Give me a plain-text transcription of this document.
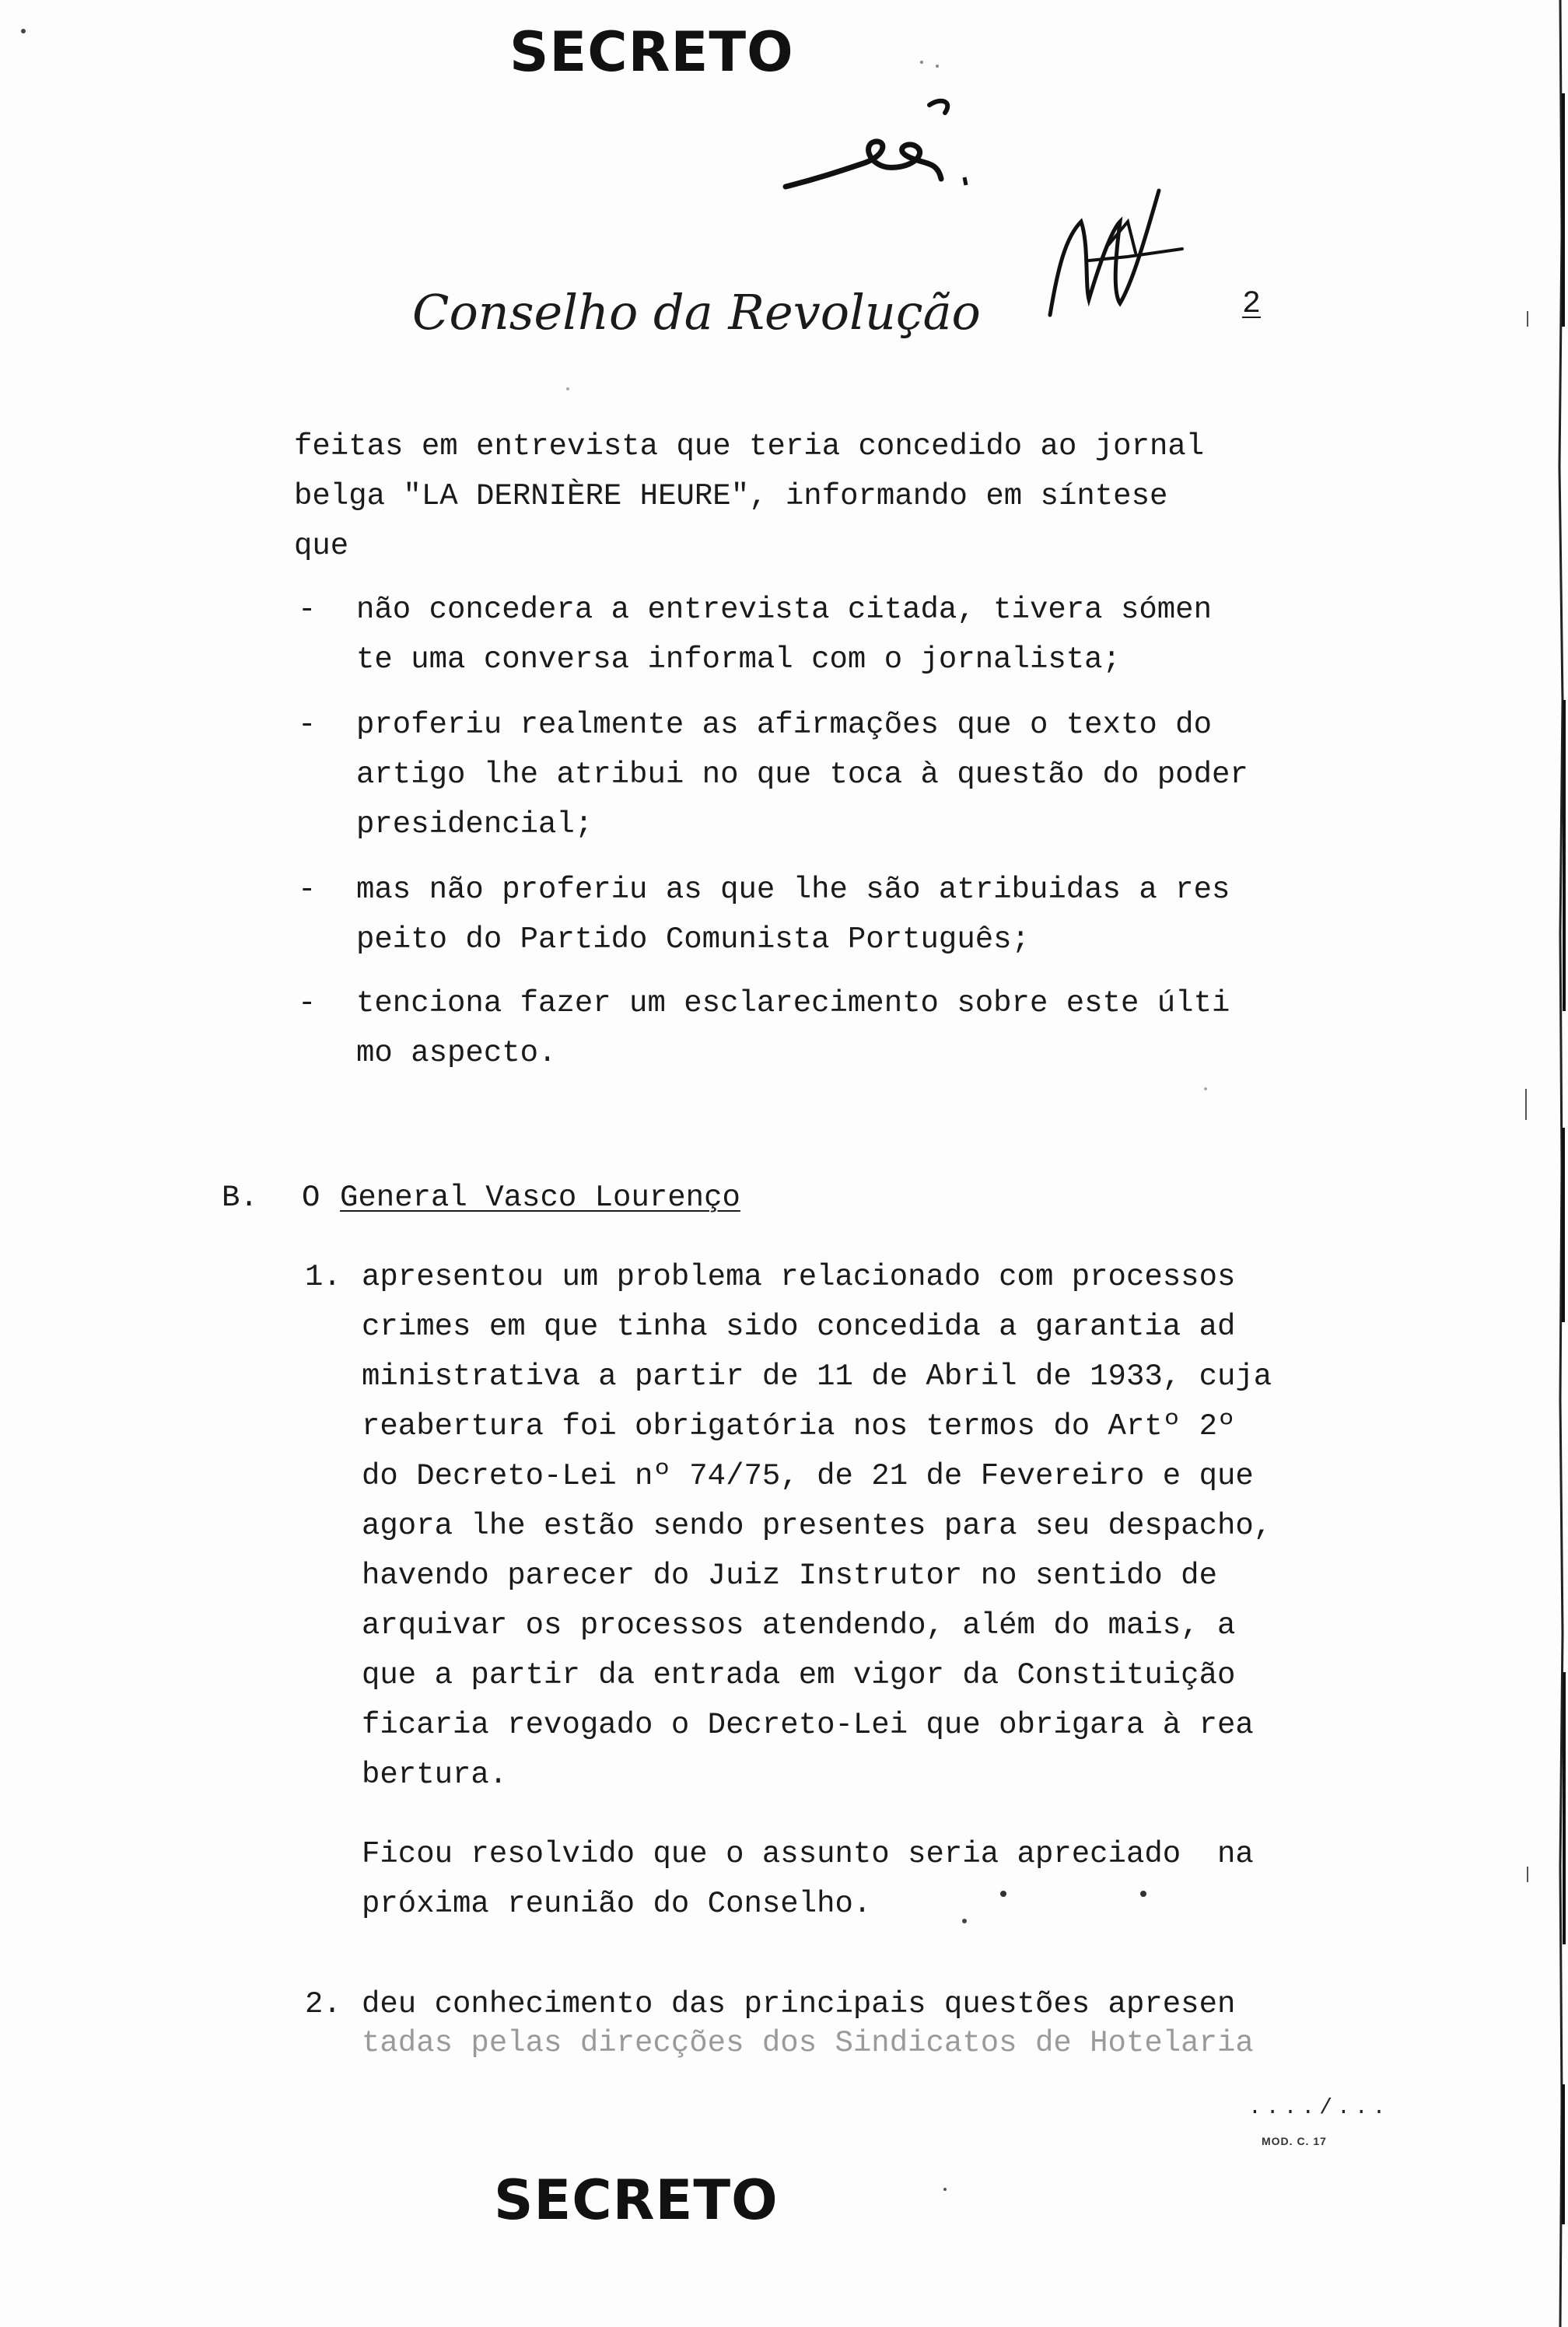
SECRETO
Conselho da Revolução	2
feitas em entrevista que teria concedido ao jornal
belga "LA DERNIÈRE HEURE", informando em síntese
que
- não concedera a entrevista citada, tivera sómen
te uma conversa informal com o jornalista;
- proferiu realmente as afirmações que o texto do
artigo lhe atribui no que toca à questão do poder
presidencial;
- mas não proferiu as que lhe são atribuidas a res
peito do Partido Comunista Português;
- tenciona fazer um esclarecimento sobre este últi
mo aspecto.
B. O General Vasco Lourenço
1. apresentou um problema relacionado com processos
crimes em que tinha sido concedida a garantia ad
ministrativa a partir de 11 de Abril de 1933, cuja
reabertura foi obrigatória nos termos do Artº 2º
do Decreto-Lei nº 74/75, de 21 de Fevereiro e que
agora lhe estão sendo presentes para seu despacho,
havendo parecer do Juiz Instrutor no sentido de
arquivar os processos atendendo, além do mais, a
que a partir da entrada em vigor da Constituição
ficaria revogado o Decreto-Lei que obrigara à rea
bertura.
Ficou resolvido que o assunto seria apreciado  na
próxima reunião do Conselho.
2. deu conhecimento das principais questões apresen
tadas pelas direcções dos Sindicatos de Hotelaria
..../...
MOD. C. 17
SECRETO
